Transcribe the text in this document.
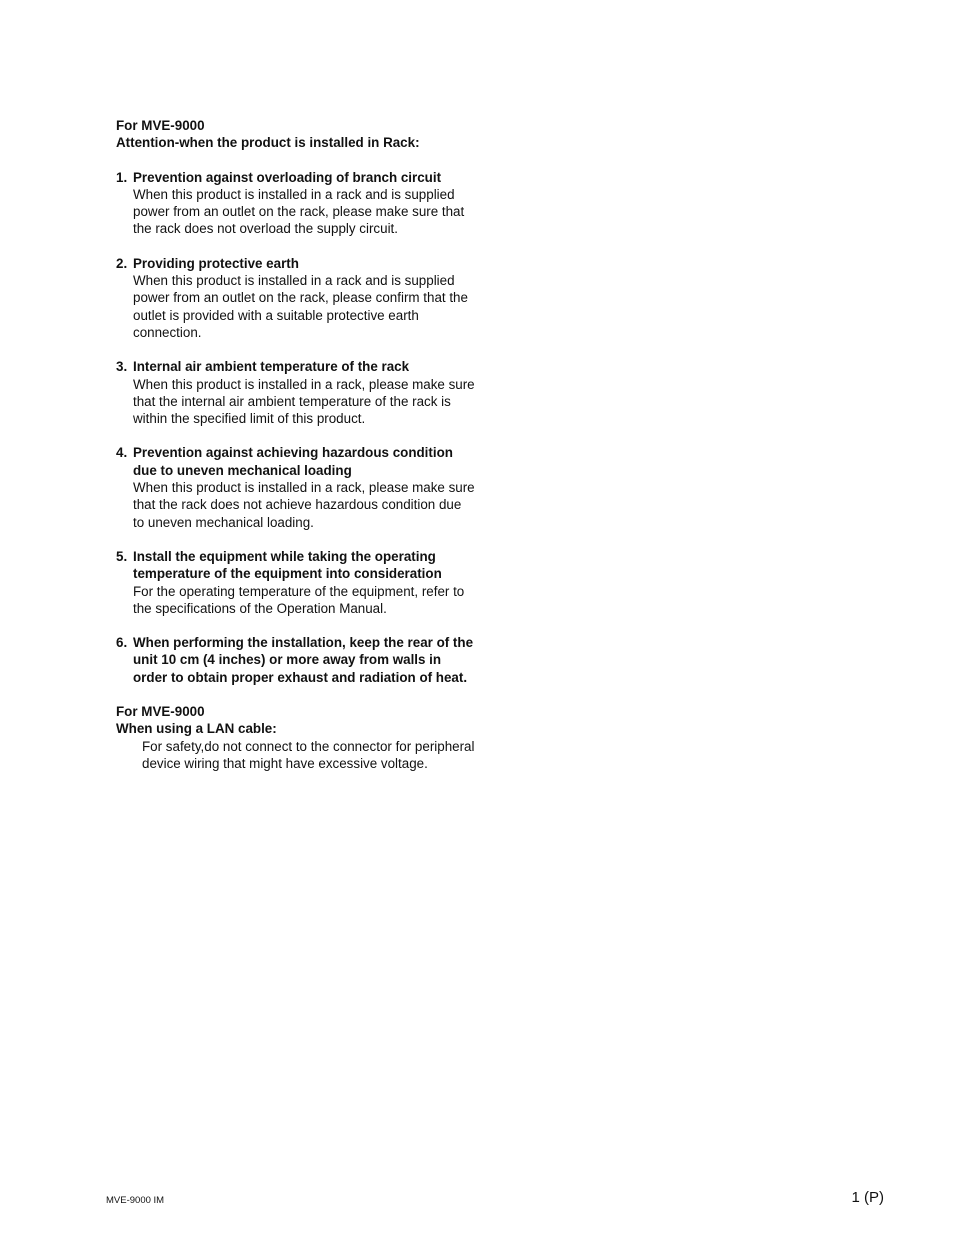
For MVE-9000
Attention-when the product is installed in Rack:
1. Prevention against overloading of branch circuit
When this product is installed in a rack and is supplied power from an outlet on the rack, please make sure that the rack does not overload the supply circuit.
2. Providing protective earth
When this product is installed in a rack and is supplied power from an outlet on the rack, please confirm that the outlet is provided with a suitable protective earth connection.
3. Internal air ambient temperature of the rack
When this product is installed in a rack, please make sure that the internal air ambient temperature of the rack is within the specified limit of this product.
4. Prevention against achieving hazardous condition due to uneven mechanical loading
When this product is installed in a rack, please make sure that the rack does not achieve hazardous condition due to uneven mechanical loading.
5. Install the equipment while taking the operating temperature of the equipment into consideration
For the operating temperature of the equipment, refer to the specifications of the Operation Manual.
6. When performing the installation, keep the rear of the unit 10 cm (4 inches) or more away from walls in order to obtain proper exhaust and radiation of heat.
For MVE-9000
When using a LAN cable:
For safety,do not connect to the connector for peripheral device wiring that might have excessive voltage.
MVE-9000 IM	1 (P)
